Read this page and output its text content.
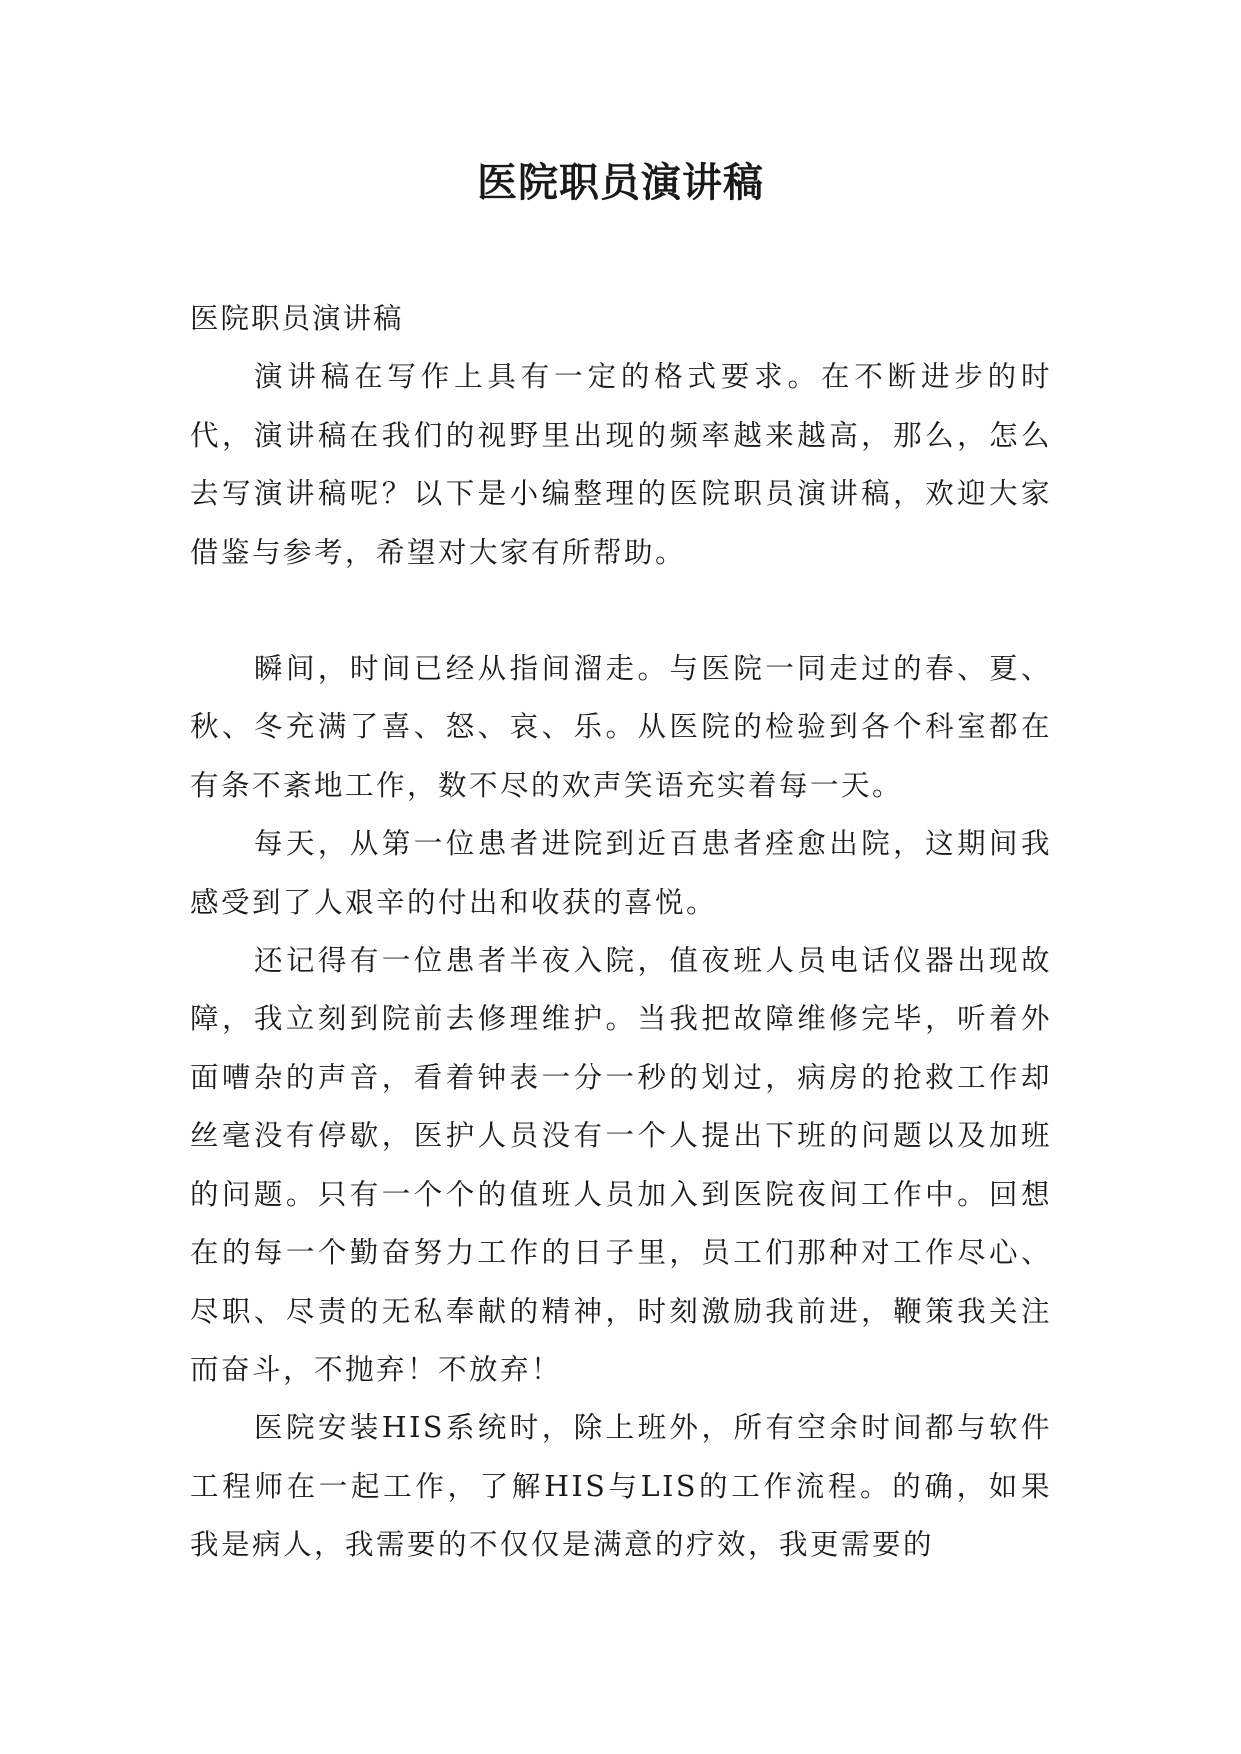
医院职员演讲稿

医院职员演讲稿

演讲稿在写作上具有一定的格式要求。在不断进步的时代，演讲稿在我们的视野里出现的频率越来越高，那么，怎么去写演讲稿呢？以下是小编整理的医院职员演讲稿，欢迎大家借鉴与参考，希望对大家有所帮助。

瞬间，时间已经从指间溜走。与医院一同走过的春、夏、秋、冬充满了喜、怒、哀、乐。从医院的检验到各个科室都在有条不紊地工作，数不尽的欢声笑语充实着每一天。

每天，从第一位患者进院到近百患者痊愈出院，这期间我感受到了人艰辛的付出和收获的喜悦。

还记得有一位患者半夜入院，值夜班人员电话仪器出现故障，我立刻到院前去修理维护。当我把故障维修完毕，听着外面嘈杂的声音，看着钟表一分一秒的划过，病房的抢救工作却丝毫没有停歇，医护人员没有一个人提出下班的问题以及加班的问题。只有一个个的值班人员加入到医院夜间工作中。回想在的每一个勤奋努力工作的日子里，员工们那种对工作尽心、尽职、尽责的无私奉献的精神，时刻激励我前进，鞭策我关注而奋斗，不抛弃！不放弃！

医院安装HIS系统时，除上班外，所有空余时间都与软件工程师在一起工作，了解HIS与LIS的工作流程。的确，如果我是病人，我需要的不仅仅是满意的疗效，我更需要的
